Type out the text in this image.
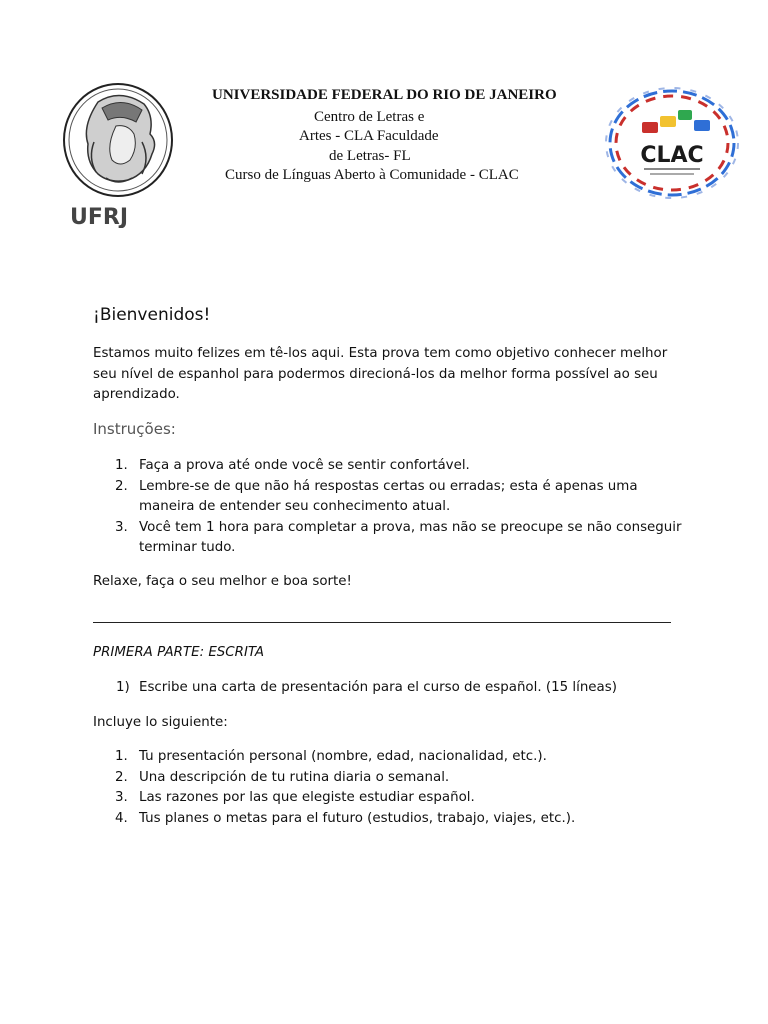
UFRJ
CLAC
UNIVERSIDADE FEDERAL DO RIO DE JANEIRO
Centro de Letras e
Artes - CLA Faculdade
de Letras- FL
Curso de Línguas Aberto à Comunidade - CLAC
¡Bienvenidos!
Estamos muito felizes em tê-los aqui. Esta prova tem como objetivo conhecer melhor seu nível de espanhol para podermos direcioná-los da melhor forma possível ao seu aprendizado.
Instruções:
1. Faça a prova até onde você se sentir confortável.
2. Lembre-se de que não há respostas certas ou erradas; esta é apenas uma maneira de entender seu conhecimento atual.
3. Você tem 1 hora para completar a prova, mas não se preocupe se não conseguir terminar tudo.
Relaxe, faça o seu melhor e boa sorte!
PRIMERA PARTE: ESCRITA
1) Escribe una carta de presentación para el curso de español. (15 líneas)
Incluye lo siguiente:
1. Tu presentación personal (nombre, edad, nacionalidad, etc.).
2. Una descripción de tu rutina diaria o semanal.
3. Las razones por las que elegiste estudiar español.
4. Tus planes o metas para el futuro (estudios, trabajo, viajes, etc.).
